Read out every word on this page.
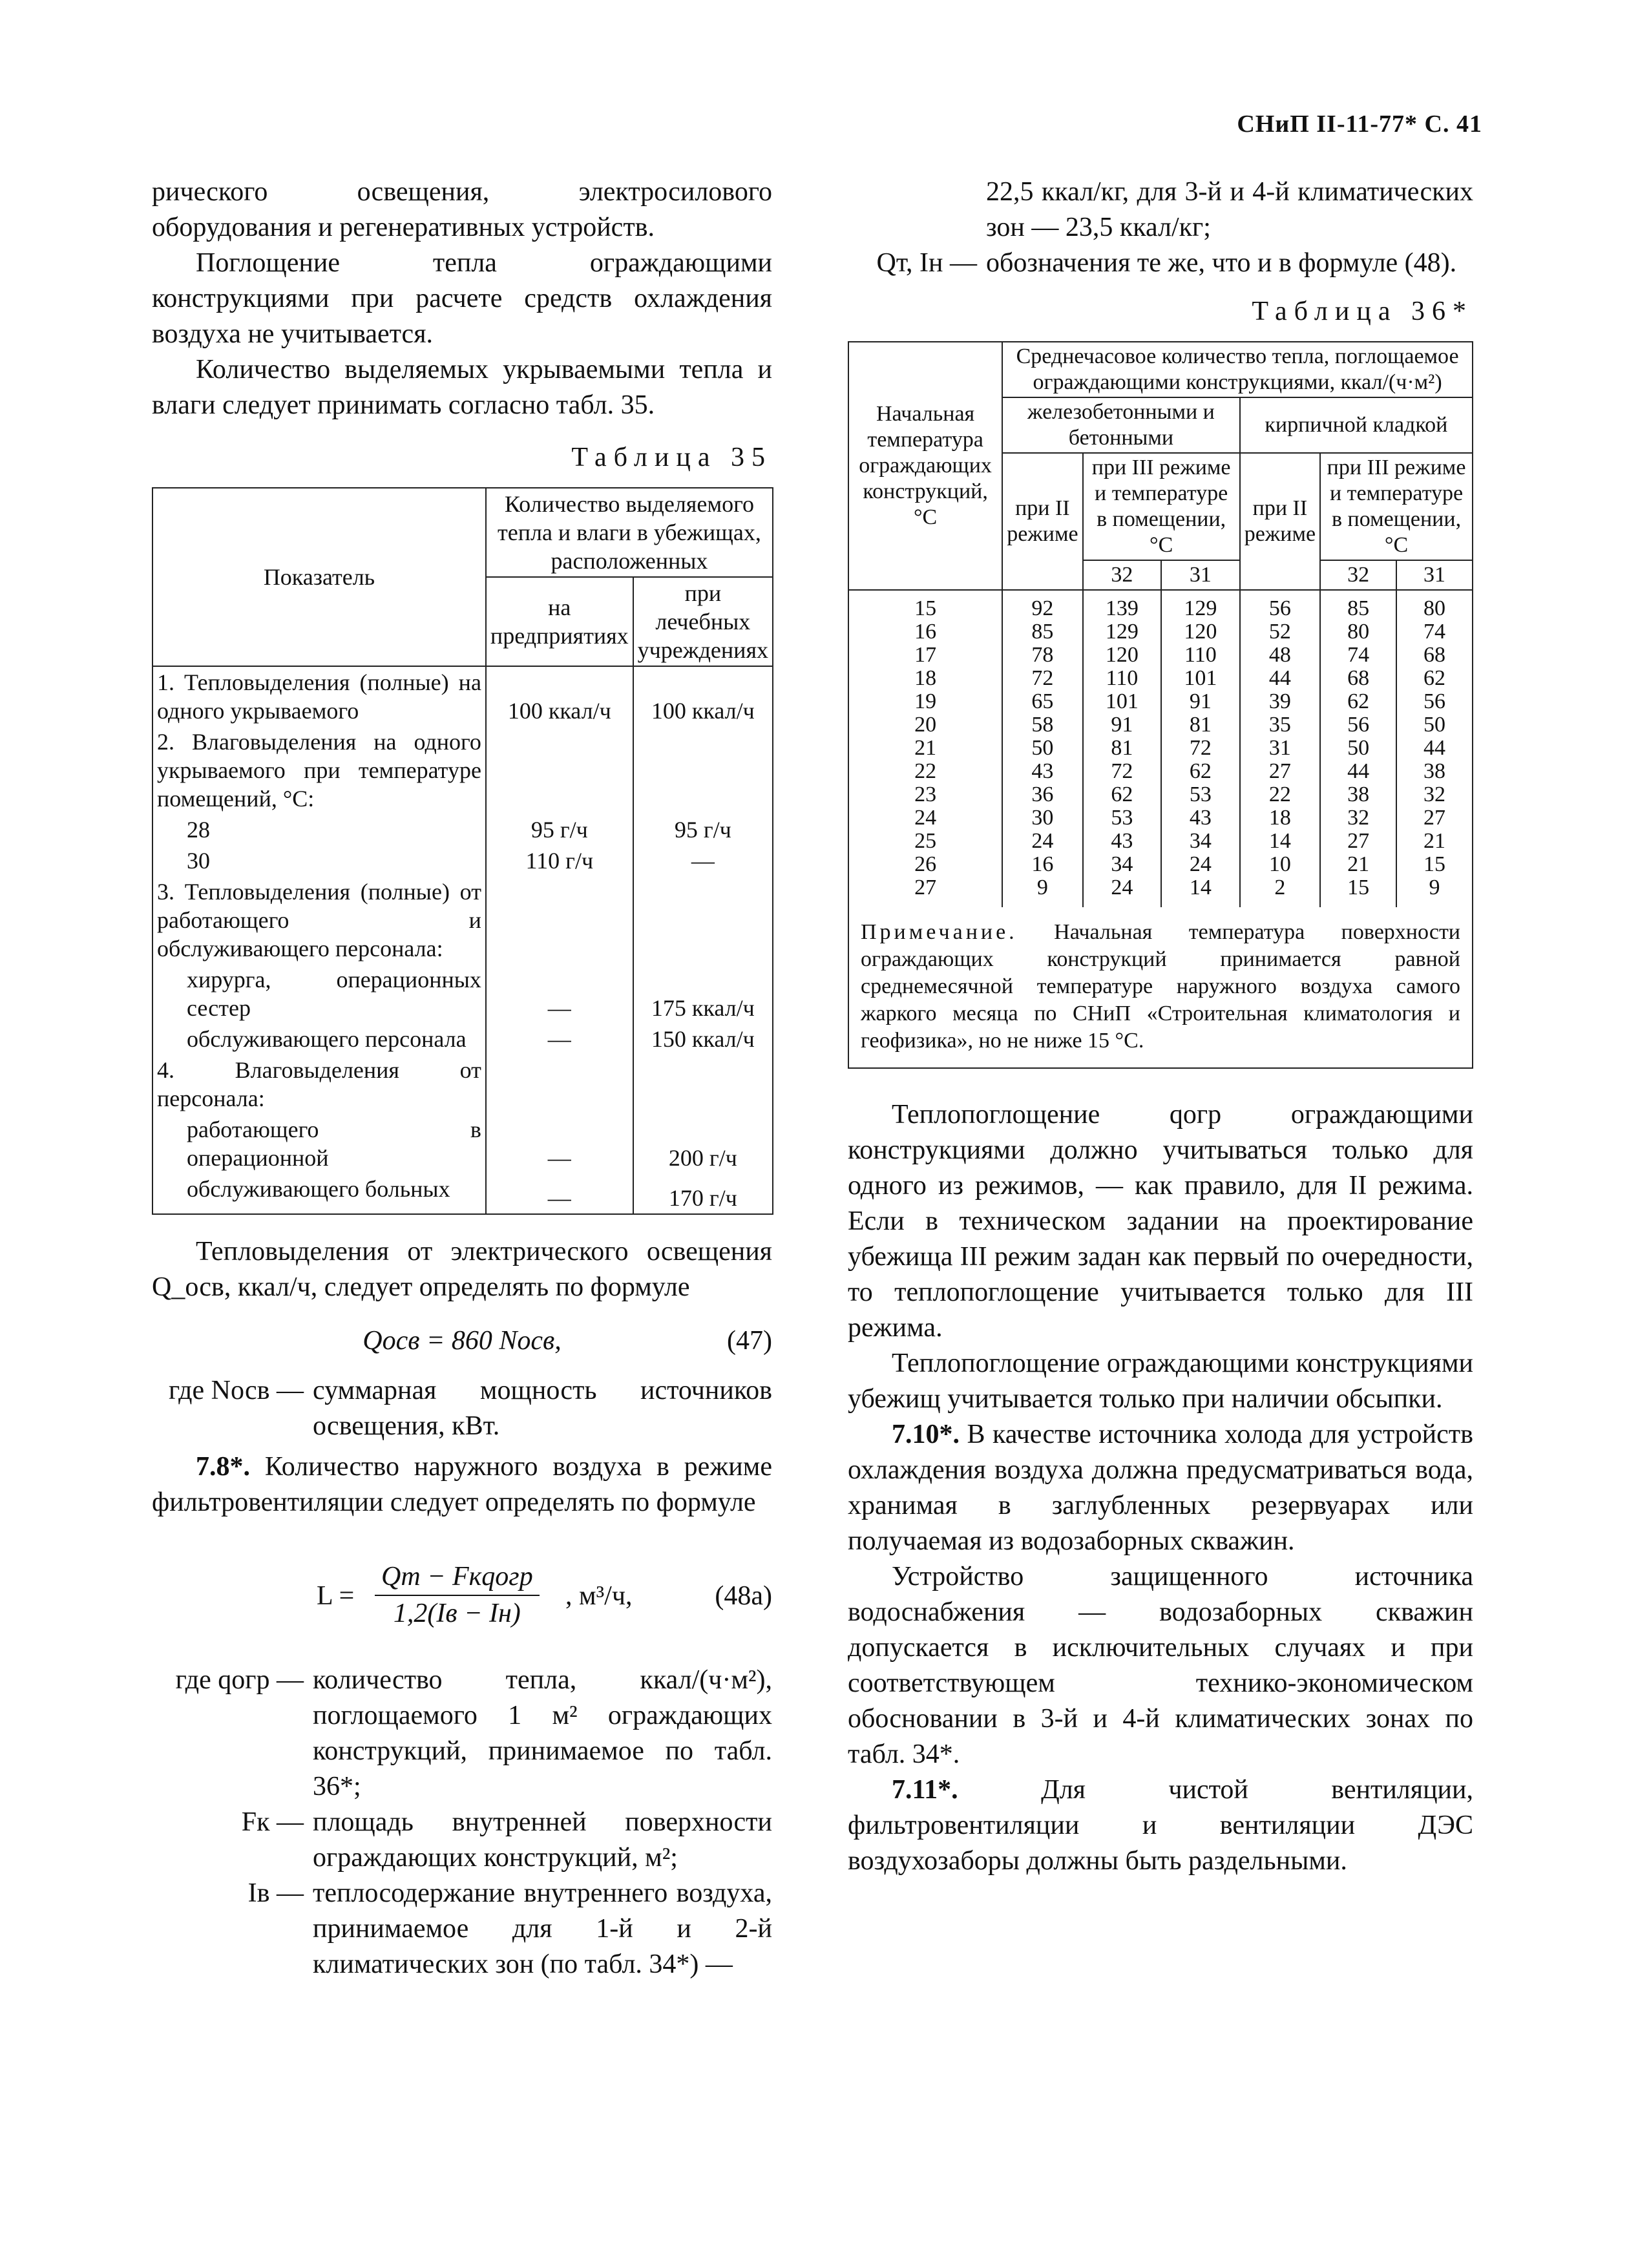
СНиП II-11-77* С. 41

рического освещения, электросилового оборудования и регенеративных устройств.

Поглощение тепла ограждающими конструкциями при расчете средств охлаждения воздуха не учитывается.

Количество выделяемых укрываемыми тепла и влаги следует принимать согласно табл. 35.

Таблица 35
Показатель	Количество выделяемого тепла и влаги в убежищах, расположенных	
	на предприятиях	при лечебных учреждениях
1. Тепловыделения (полные) на одного укрываемого	100 ккал/ч	100 ккал/ч
2. Влаговыделения на одного укрываемого при температуре помещений, °С:		
28	95 г/ч	95 г/ч
30	110 г/ч	—
3. Тепловыделения (полные) от работающего и обслуживающего персонала:		
хирурга, операционных сестер	—	175 ккал/ч
обслуживающего персонала	—	150 ккал/ч
4. Влаговыделения от персонала:		
работающего в операционной	—	200 г/ч
обслуживающего больных	—	170 г/ч

Тепловыделения от электрического освещения Q_осв, ккал/ч, следует определять по формуле

Qосв = 860 Nосв,	(47)
где Nосв — суммарная мощность источников освещения, кВт.

7.8*. Количество наружного воздуха в режиме фильтровентиляции следует определять по формуле

L =
Qт − Fкqогр
1,2(Iв − Iн)
, м³/ч,	(48а)
где qогр — количество тепла, ккал/(ч·м²), поглощаемого 1 м² ограждающих конструкций, принимаемое по табл. 36*;
Fк — площадь внутренней поверхности ограждающих конструкций, м²;
Iв — теплосодержание внутреннего воздуха, принимаемое для 1-й и 2-й климатических зон (по табл. 34*) —
22,5 ккал/кг, для 3-й и 4-й климатических зон — 23,5 ккал/кг;
Qт, Iн — обозначения те же, что и в формуле (48).
Таблица 36*
Начальная температура ограждающих конструкций, °С	Среднечасовое количество тепла, поглощаемое ограждающими конструкциями, ккал/(ч·м²)					
	железобетонными и бетонными			кирпичной кладкой		
	при II режиме	при III режиме и температуре в помещении, °С		при II режиме	при III режиме и температуре в помещении, °С	
		32	31		32	31
15	92	139	129	56	85	80
16	85	129	120	52	80	74
17	78	120	110	48	74	68
18	72	110	101	44	68	62
19	65	101	91	39	62	56
20	58	91	81	35	56	50
21	50	81	72	31	50	44
22	43	72	62	27	44	38
23	36	62	53	22	38	32
24	30	53	43	18	32	27
25	24	43	34	14	27	21
26	16	34	24	10	21	15
27	9	24	14	2	15	9
Примечание. Начальная температура поверхности ограждающих конструкций принимается равной среднемесячной температуре наружного воздуха самого жаркого месяца по СНиП «Строительная климатология и геофизика», но не ниже 15 °С.

Теплопоглощение qогр ограждающими конструкциями должно учитываться только для одного из режимов, — как правило, для II режима. Если в техническом задании на проектирование убежища III режим задан как первый по очередности, то теплопоглощение учитывается только для III режима.

Теплопоглощение ограждающими конструкциями убежищ учитывается только при наличии обсыпки.

7.10*. В качестве источника холода для устройств охлаждения воздуха должна предусматриваться вода, хранимая в заглубленных резервуарах или получаемая из водозаборных скважин.

Устройство защищенного источника водоснабжения — водозаборных скважин допускается в исключительных случаях и при соответствующем технико-экономическом обосновании в 3-й и 4-й климатических зонах по табл. 34*.

7.11*. Для чистой вентиляции, фильтровентиляции и вентиляции ДЭС воздухозаборы должны быть раздельными.
